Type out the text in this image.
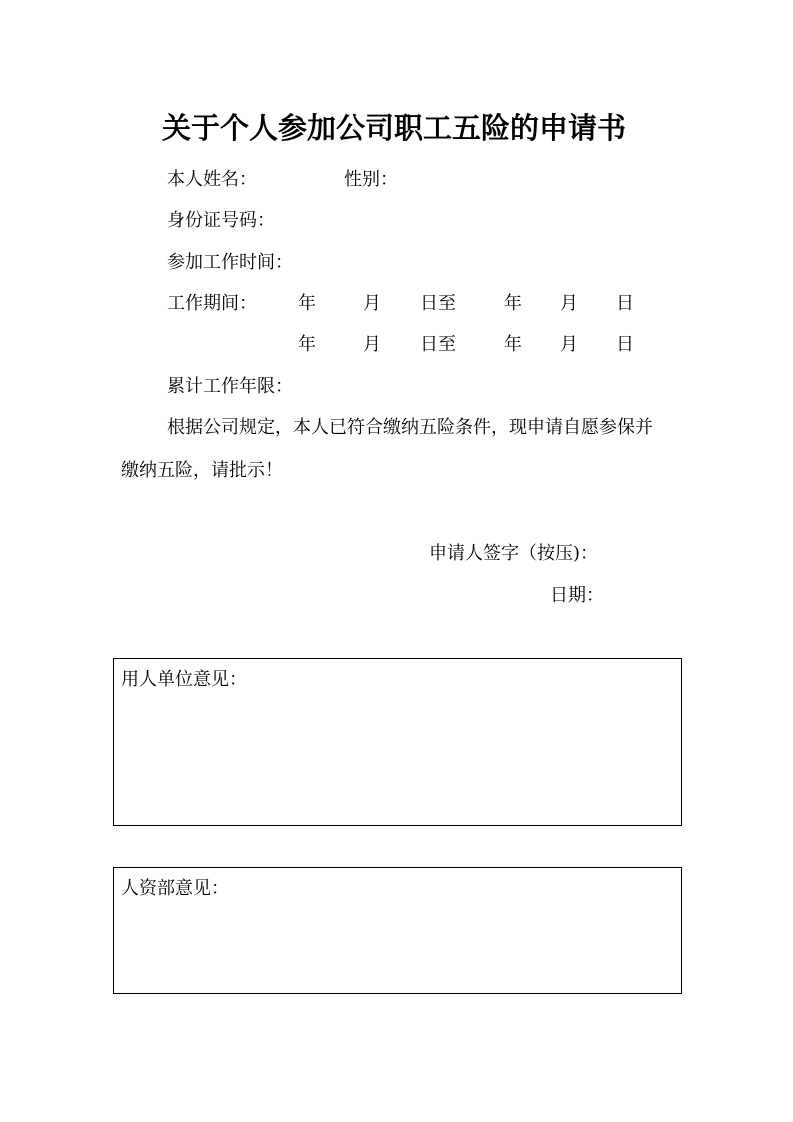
关于个人参加公司职工五险的申请书
本人姓名：	性别：
身份证号码：
参加工作时间：
工作期间： 年	月 日至	年 月 日
年	月 日至	年 月 日
累计工作年限：
根据公司规定，本人已符合缴纳五险条件，现申请自愿参保并
缴纳五险，请批示！
申请人签字（按压)：
日期：
用人单位意见：
人资部意见：
